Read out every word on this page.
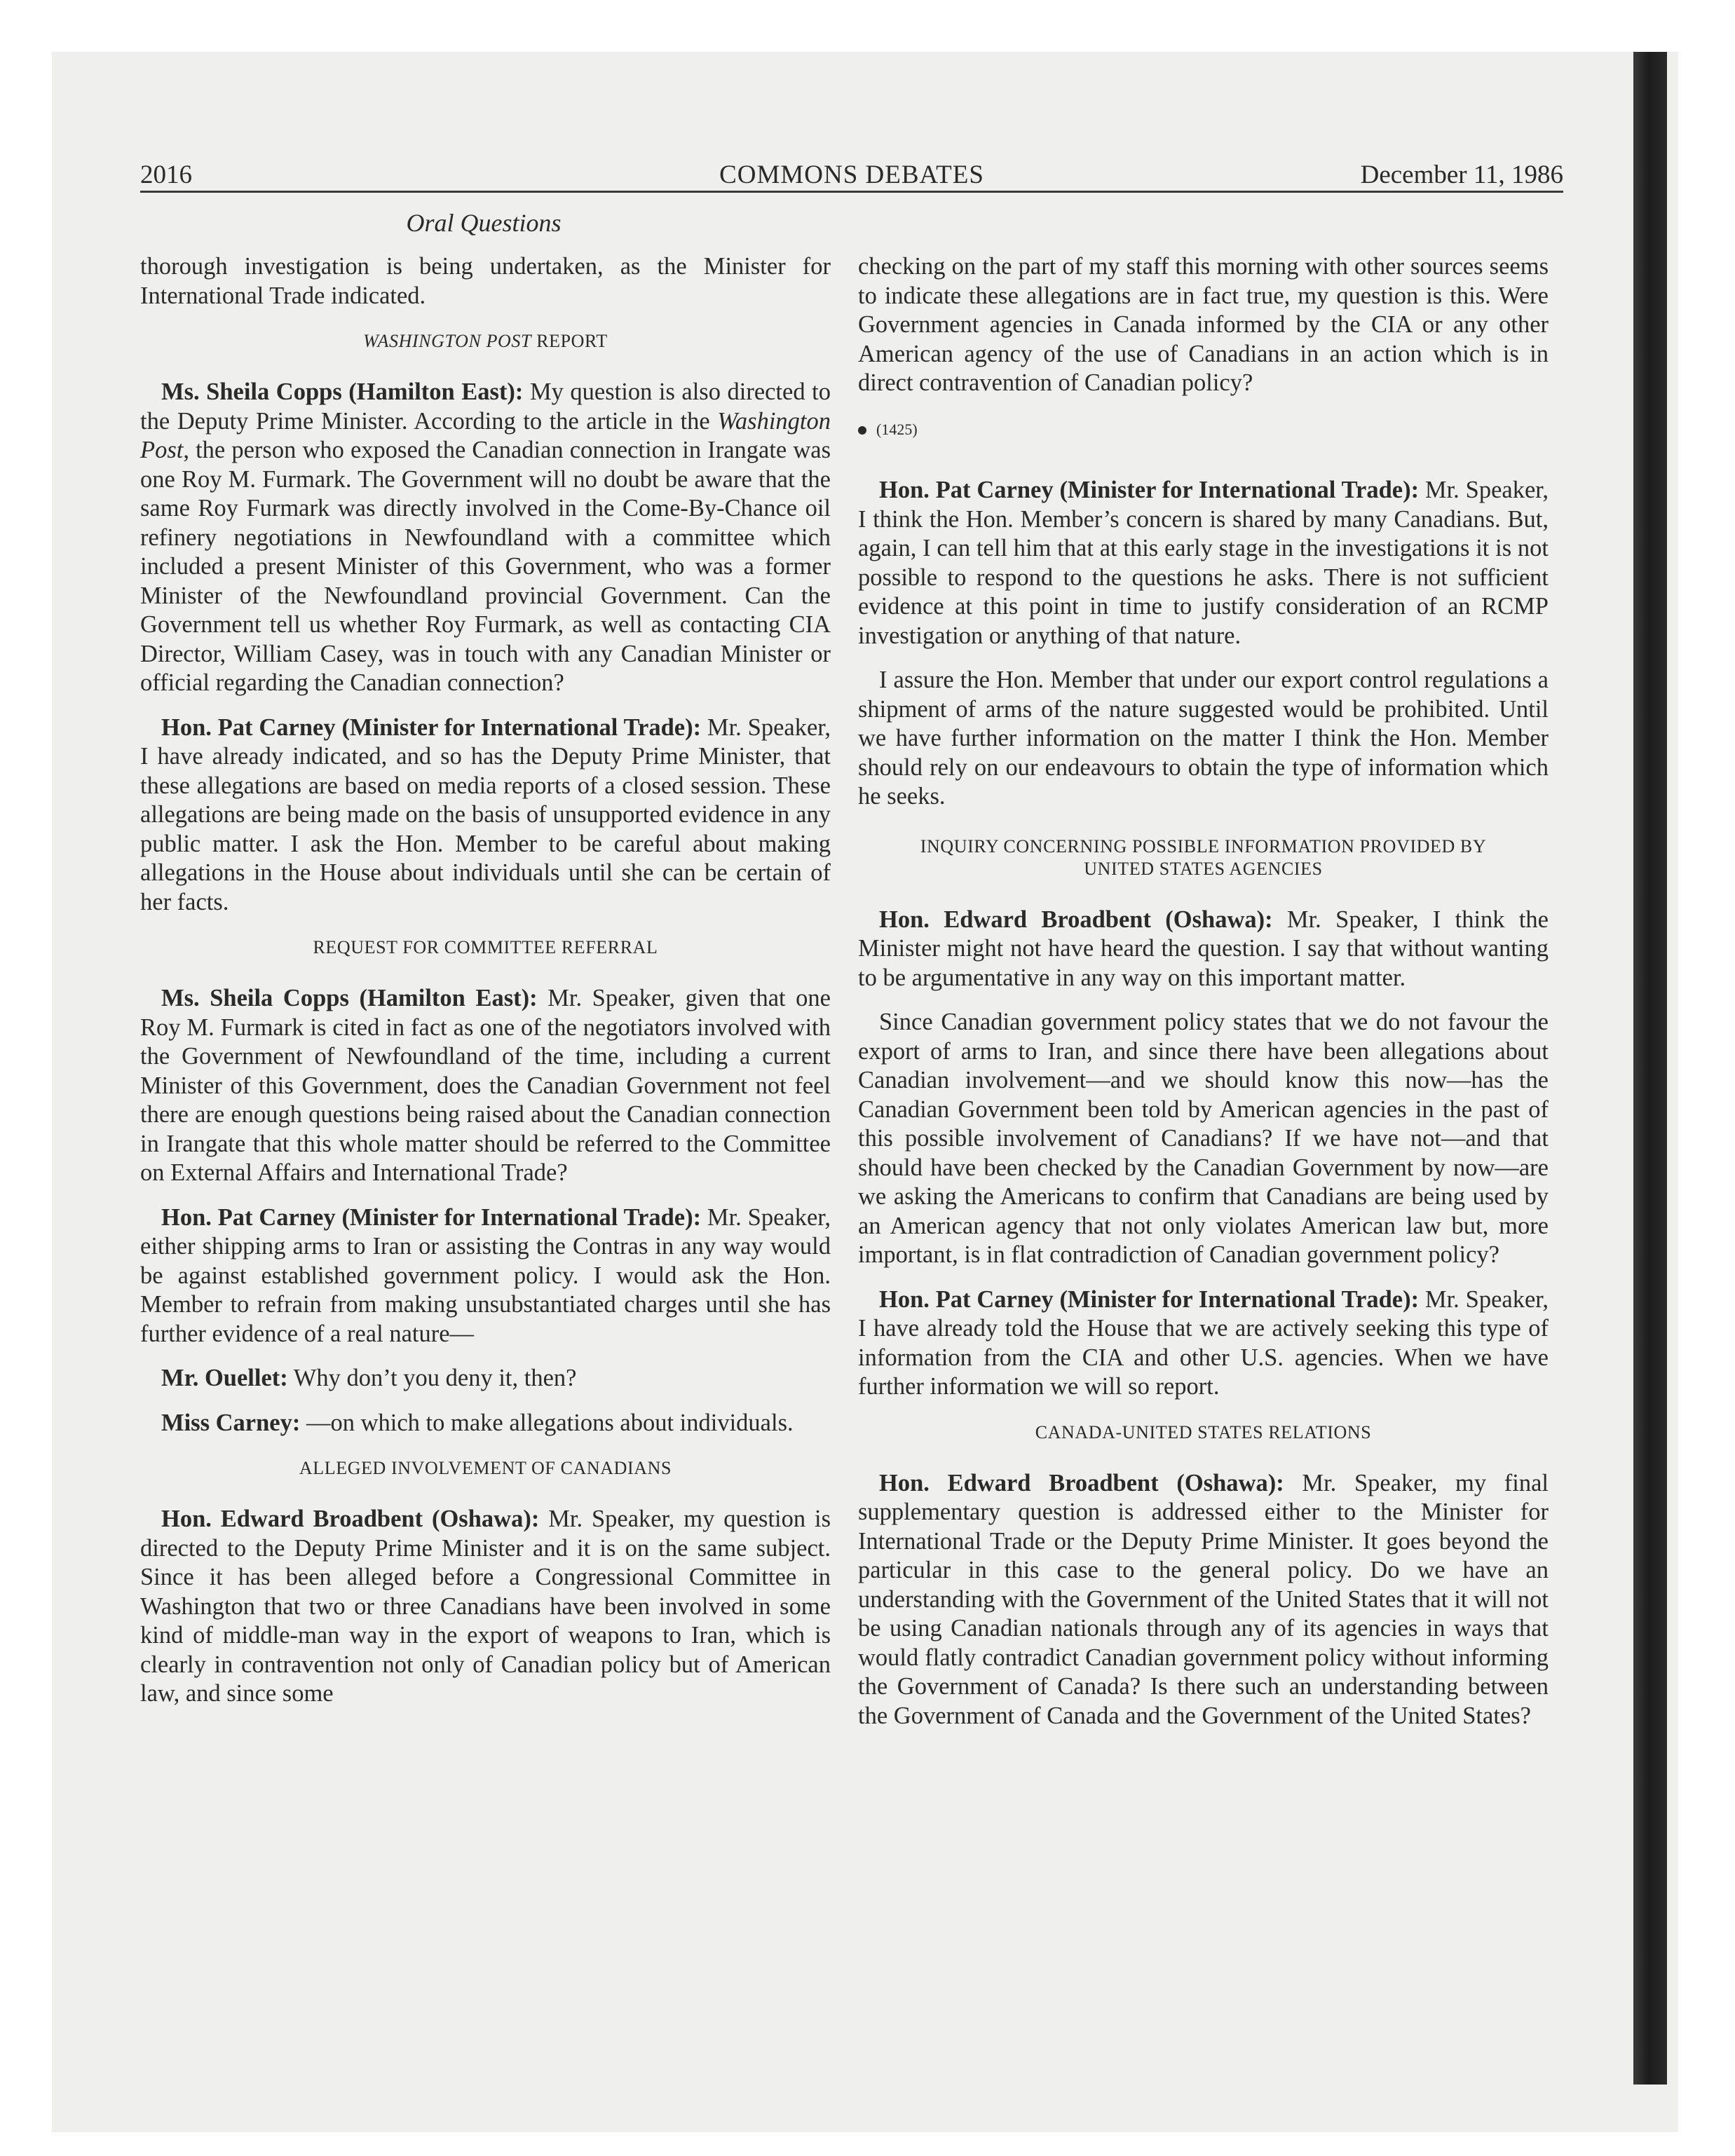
2016	COMMONS DEBATES	December 11, 1986
Oral Questions

thorough investigation is being undertaken, as the Minister for International Trade indicated.

WASHINGTON POST REPORT

Ms. Sheila Copps (Hamilton East): My question is also directed to the Deputy Prime Minister. According to the article in the Washington Post, the person who exposed the Canadian connection in Irangate was one Roy M. Furmark. The Government will no doubt be aware that the same Roy Furmark was directly involved in the Come-By-Chance oil refinery negotiations in Newfoundland with a committee which included a present Minister of this Government, who was a former Minister of the Newfoundland provincial Government. Can the Government tell us whether Roy Furmark, as well as contacting CIA Director, William Casey, was in touch with any Canadian Minister or official regarding the Canadian connection?

Hon. Pat Carney (Minister for International Trade): Mr. Speaker, I have already indicated, and so has the Deputy Prime Minister, that these allegations are based on media reports of a closed session. These allegations are being made on the basis of unsupported evidence in any public matter. I ask the Hon. Member to be careful about making allegations in the House about individuals until she can be certain of her facts.

REQUEST FOR COMMITTEE REFERRAL

Ms. Sheila Copps (Hamilton East): Mr. Speaker, given that one Roy M. Furmark is cited in fact as one of the negotiators involved with the Government of Newfoundland of the time, including a current Minister of this Government, does the Canadian Government not feel there are enough questions being raised about the Canadian connection in Irangate that this whole matter should be referred to the Committee on External Affairs and International Trade?

Hon. Pat Carney (Minister for International Trade): Mr. Speaker, either shipping arms to Iran or assisting the Contras in any way would be against established government policy. I would ask the Hon. Member to refrain from making unsubstantiated charges until she has further evidence of a real nature—

Mr. Ouellet: Why don’t you deny it, then?

Miss Carney: —on which to make allegations about individuals.

ALLEGED INVOLVEMENT OF CANADIANS

Hon. Edward Broadbent (Oshawa): Mr. Speaker, my question is directed to the Deputy Prime Minister and it is on the same subject. Since it has been alleged before a Congressional Committee in Washington that two or three Canadians have been involved in some kind of middle-man way in the export of weapons to Iran, which is clearly in contravention not only of Canadian policy but of American law, and since some

checking on the part of my staff this morning with other sources seems to indicate these allegations are in fact true, my question is this. Were Government agencies in Canada informed by the CIA or any other American agency of the use of Canadians in an action which is in direct contravention of Canadian policy?

(1425)

Hon. Pat Carney (Minister for International Trade): Mr. Speaker, I think the Hon. Member’s concern is shared by many Canadians. But, again, I can tell him that at this early stage in the investigations it is not possible to respond to the questions he asks. There is not sufficient evidence at this point in time to justify consideration of an RCMP investigation or anything of that nature.

I assure the Hon. Member that under our export control regulations a shipment of arms of the nature suggested would be prohibited. Until we have further information on the matter I think the Hon. Member should rely on our endeavours to obtain the type of information which he seeks.

INQUIRY CONCERNING POSSIBLE INFORMATION PROVIDED BY
UNITED STATES AGENCIES

Hon. Edward Broadbent (Oshawa): Mr. Speaker, I think the Minister might not have heard the question. I say that without wanting to be argumentative in any way on this important matter.

Since Canadian government policy states that we do not favour the export of arms to Iran, and since there have been allegations about Canadian involvement—and we should know this now—has the Canadian Government been told by American agencies in the past of this possible involvement of Canadians? If we have not—and that should have been checked by the Canadian Government by now—are we asking the Americans to confirm that Canadians are being used by an American agency that not only violates American law but, more important, is in flat contradiction of Canadian government policy?

Hon. Pat Carney (Minister for International Trade): Mr. Speaker, I have already told the House that we are actively seeking this type of information from the CIA and other U.S. agencies. When we have further information we will so report.

CANADA-UNITED STATES RELATIONS

Hon. Edward Broadbent (Oshawa): Mr. Speaker, my final supplementary question is addressed either to the Minister for International Trade or the Deputy Prime Minister. It goes beyond the particular in this case to the general policy. Do we have an understanding with the Government of the United States that it will not be using Canadian nationals through any of its agencies in ways that would flatly contradict Canadian government policy without informing the Government of Canada? Is there such an understanding between the Government of Canada and the Government of the United States?
